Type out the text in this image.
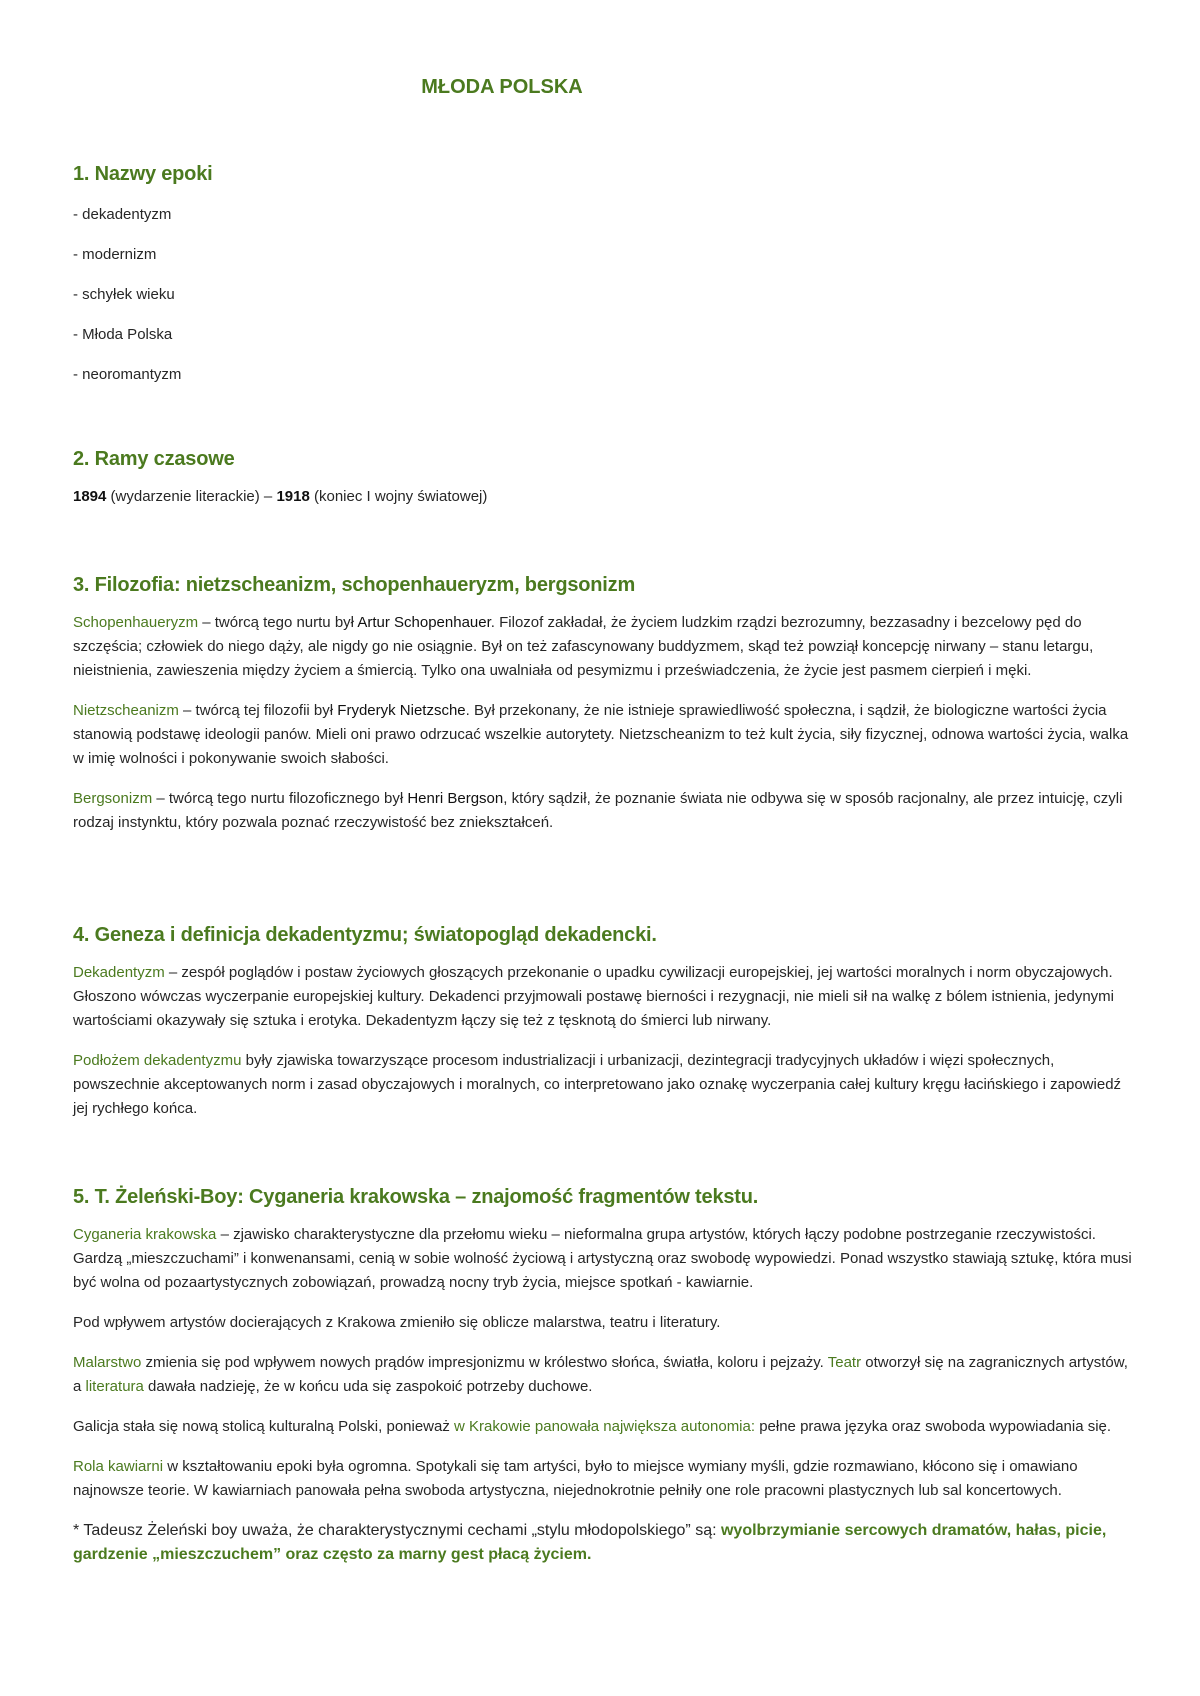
MŁODA POLSKA
1. Nazwy epoki

- dekadentyzm

- modernizm

- schyłek wieku

- Młoda Polska

- neoromantyzm

2. Ramy czasowe

1894 (wydarzenie literackie) – 1918 (koniec I wojny światowej)

3. Filozofia: nietzscheanizm, schopenhaueryzm, bergsonizm

Schopenhaueryzm – twórcą tego nurtu był Artur Schopenhauer. Filozof zakładał, że życiem ludzkim rządzi bezrozumny, bezzasadny i bezcelowy pęd do szczęścia; człowiek do niego dąży, ale nigdy go nie osiągnie. Był on też zafascynowany buddyzmem, skąd też powziął koncepcję nirwany – stanu letargu, nieistnienia, zawieszenia między życiem a śmiercią. Tylko ona uwalniała od pesymizmu i przeświadczenia, że życie jest pasmem cierpień i męki.

Nietzscheanizm – twórcą tej filozofii był Fryderyk Nietzsche. Był przekonany, że nie istnieje sprawiedliwość społeczna, i sądził, że biologiczne wartości życia stanowią podstawę ideologii panów. Mieli oni prawo odrzucać wszelkie autorytety. Nietzscheanizm to też kult życia, siły fizycznej, odnowa wartości życia, walka w imię wolności i pokonywanie swoich słabości.

Bergsonizm – twórcą tego nurtu filozoficznego był Henri Bergson, który sądził, że poznanie świata nie odbywa się w sposób racjonalny, ale przez intuicję, czyli rodzaj instynktu, który pozwala poznać rzeczywistość bez zniekształceń.

4. Geneza i definicja dekadentyzmu; światopogląd dekadencki.

Dekadentyzm – zespół poglądów i postaw życiowych głoszących przekonanie o upadku cywilizacji europejskiej, jej wartości moralnych i norm obyczajowych. Głoszono wówczas wyczerpanie europejskiej kultury. Dekadenci przyjmowali postawę bierności i rezygnacji, nie mieli sił na walkę z bólem istnienia, jedynymi wartościami okazywały się sztuka i erotyka. Dekadentyzm łączy się też z tęsknotą do śmierci lub nirwany.

Podłożem dekadentyzmu były zjawiska towarzyszące procesom industrializacji i urbanizacji, dezintegracji tradycyjnych układów i więzi społecznych, powszechnie akceptowanych norm i zasad obyczajowych i moralnych, co interpretowano jako oznakę wyczerpania całej kultury kręgu łacińskiego i zapowiedź jej rychłego końca.

5. T. Żeleński-Boy: Cyganeria krakowska – znajomość fragmentów tekstu.

Cyganeria krakowska – zjawisko charakterystyczne dla przełomu wieku – nieformalna grupa artystów, których łączy podobne postrzeganie rzeczywistości. Gardzą „mieszczuchami” i konwenansami, cenią w sobie wolność życiową i artystyczną oraz swobodę wypowiedzi. Ponad wszystko stawiają sztukę, która musi być wolna od pozaartystycznych zobowiązań, prowadzą nocny tryb życia, miejsce spotkań - kawiarnie.

Pod wpływem artystów docierających z Krakowa zmieniło się oblicze malarstwa, teatru i literatury.

Malarstwo zmienia się pod wpływem nowych prądów impresjonizmu w królestwo słońca, światła, koloru i pejzaży. Teatr otworzył się na zagranicznych artystów, a literatura dawała nadzieję, że w końcu uda się zaspokoić potrzeby duchowe.

Galicja stała się nową stolicą kulturalną Polski, ponieważ w Krakowie panowała największa autonomia: pełne prawa języka oraz swoboda wypowiadania się.

Rola kawiarni w kształtowaniu epoki była ogromna. Spotykali się tam artyści, było to miejsce wymiany myśli, gdzie rozmawiano, kłócono się i omawiano najnowsze teorie. W kawiarniach panowała pełna swoboda artystyczna, niejednokrotnie pełniły one role pracowni plastycznych lub sal koncertowych.

* Tadeusz Żeleński boy uważa, że charakterystycznymi cechami „stylu młodopolskiego” są: wyolbrzymianie sercowych dramatów, hałas, picie, gardzenie „mieszczuchem” oraz często za marny gest płacą życiem.
